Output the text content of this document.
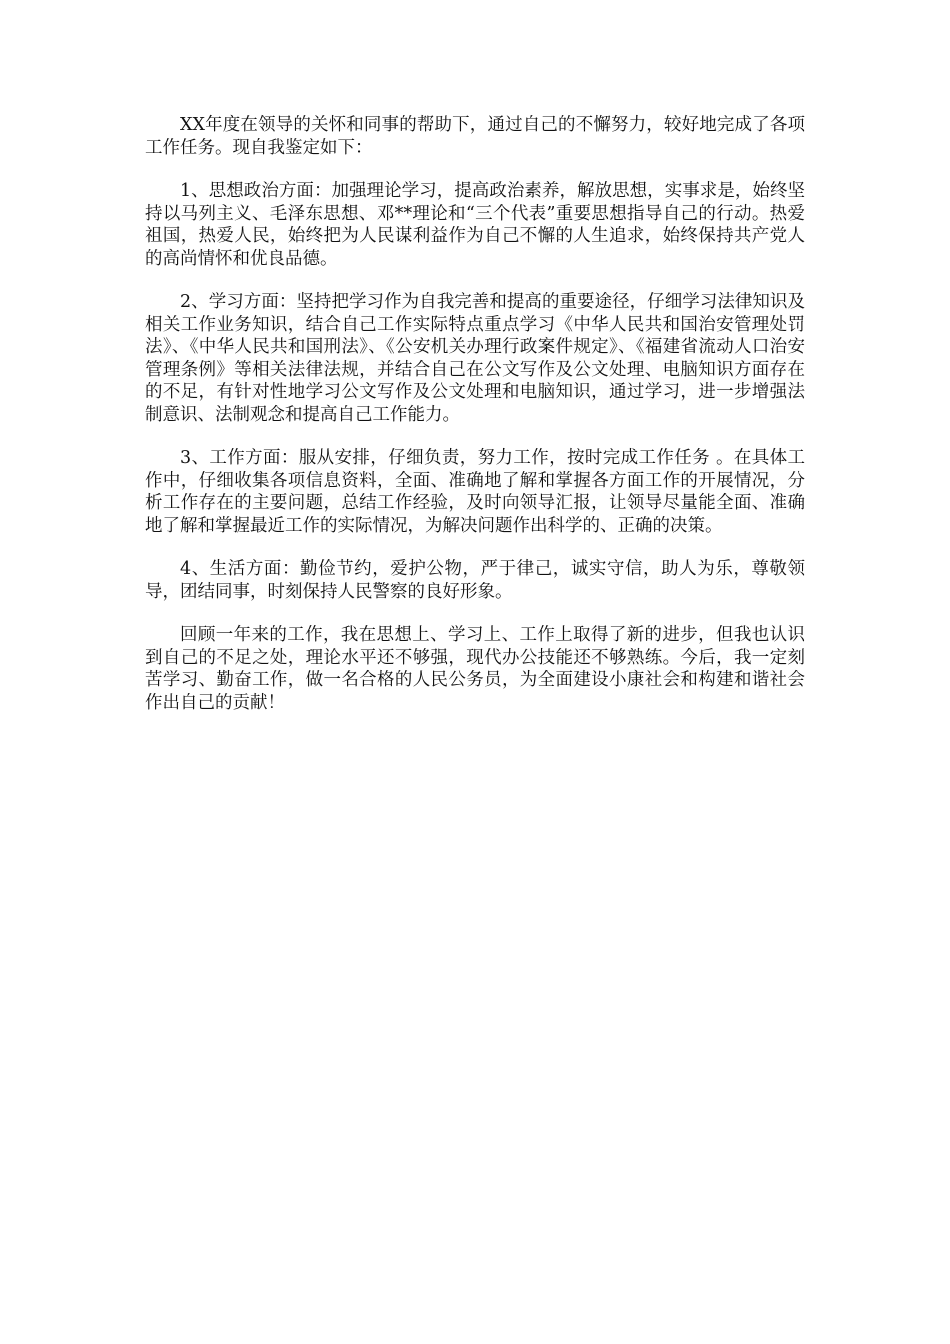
XX年度在领导的关怀和同事的帮助下，通过自己的不懈努力，较好地完成了各项工作任务。现自我鉴定如下：

1、思想政治方面：加强理论学习，提高政治素养，解放思想，实事求是，始终坚持以马列主义、毛泽东思想、邓**理论和“三个代表”重要思想指导自己的行动。热爱祖国，热爱人民，始终把为人民谋利益作为自己不懈的人生追求，始终保持共产党人的高尚情怀和优良品德。

2、学习方面：坚持把学习作为自我完善和提高的重要途径，仔细学习法律知识及相关工作业务知识，结合自己工作实际特点重点学习《中华人民共和国治安管理处罚法》、《中华人民共和国刑法》、《公安机关办理行政案件规定》、《福建省流动人口治安管理条例》等相关法律法规，并结合自己在公文写作及公文处理、电脑知识方面存在的不足，有针对性地学习公文写作及公文处理和电脑知识，通过学习，进一步增强法制意识、法制观念和提高自己工作能力。

3、工作方面：服从安排，仔细负责，努力工作，按时完成工作任务 。在具体工作中，仔细收集各项信息资料，全面、准确地了解和掌握各方面工作的开展情况，分析工作存在的主要问题，总结工作经验，及时向领导汇报，让领导尽量能全面、准确地了解和掌握最近工作的实际情况，为解决问题作出科学的、正确的决策。

4、生活方面：勤俭节约，爱护公物，严于律己，诚实守信，助人为乐，尊敬领导，团结同事，时刻保持人民警察的良好形象。

回顾一年来的工作，我在思想上、学习上、工作上取得了新的进步，但我也认识到自己的不足之处，理论水平还不够强，现代办公技能还不够熟练。今后，我一定刻苦学习、勤奋工作，做一名合格的人民公务员，为全面建设小康社会和构建和谐社会作出自己的贡献！
